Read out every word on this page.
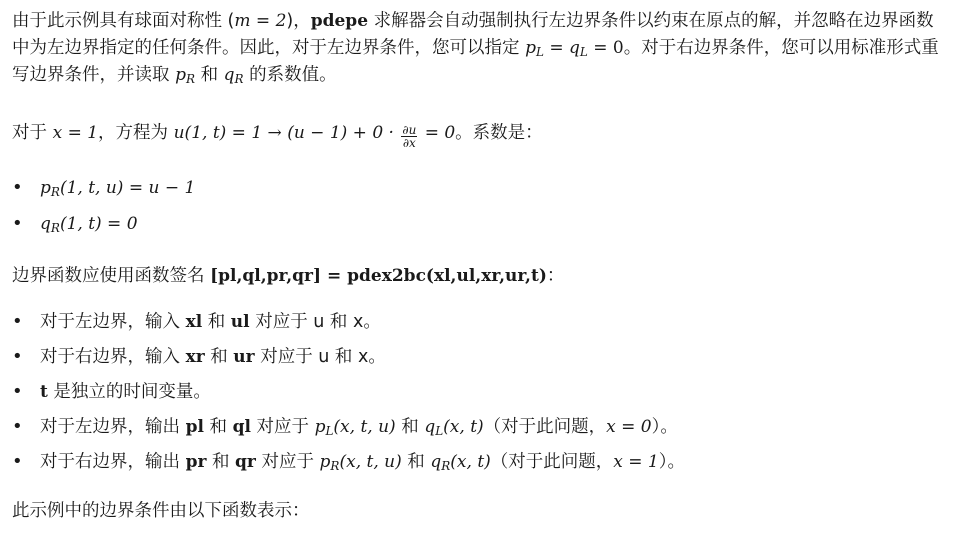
由于此示例具有球面对称性 (m = 2)，pdepe 求解器会自动强制执行左边界条件以约束在原点的解，并忽略在边界函数中为左边界指定的任何条件。因此，对于左边界条件，您可以指定 $p_L = q_L = 0$。对于右边界条件，您可以用标准形式重写边界条件，并读取 $p_R$ 和 $q_R$ 的系数值。

对于 x = 1，方程为 u(1, $t) = 1 \to (u - 1) + 0 \cdot \frac{\partial u}{\partial x} = 0$。系数是：

•	$p_R(1$, t, u) = u − 1
•	$q_R(1$, t) = 0

边界函数应使用函数签名 [pl,ql,pr,qr] = pdex2bc(xl,ul,xr,ur,t)：

• 对于左边界，输入 xl 和 ul 对应于 u 和 x。
• 对于右边界，输入 xr 和 ur 对应于 u 和 x。
•	t 是独立的时间变量。
• 对于左边界，输出 pl 和 ql 对应于 $p_L(x$, t, u) 和 $q_L(x$, t)（对于此问题，x = 0）。
• 对于右边界，输出 pr 和 qr 对应于 $p_R(x$, t, u) 和 $q_R(x$, t)（对于此问题，x = 1）。

此示例中的边界条件由以下函数表示：
